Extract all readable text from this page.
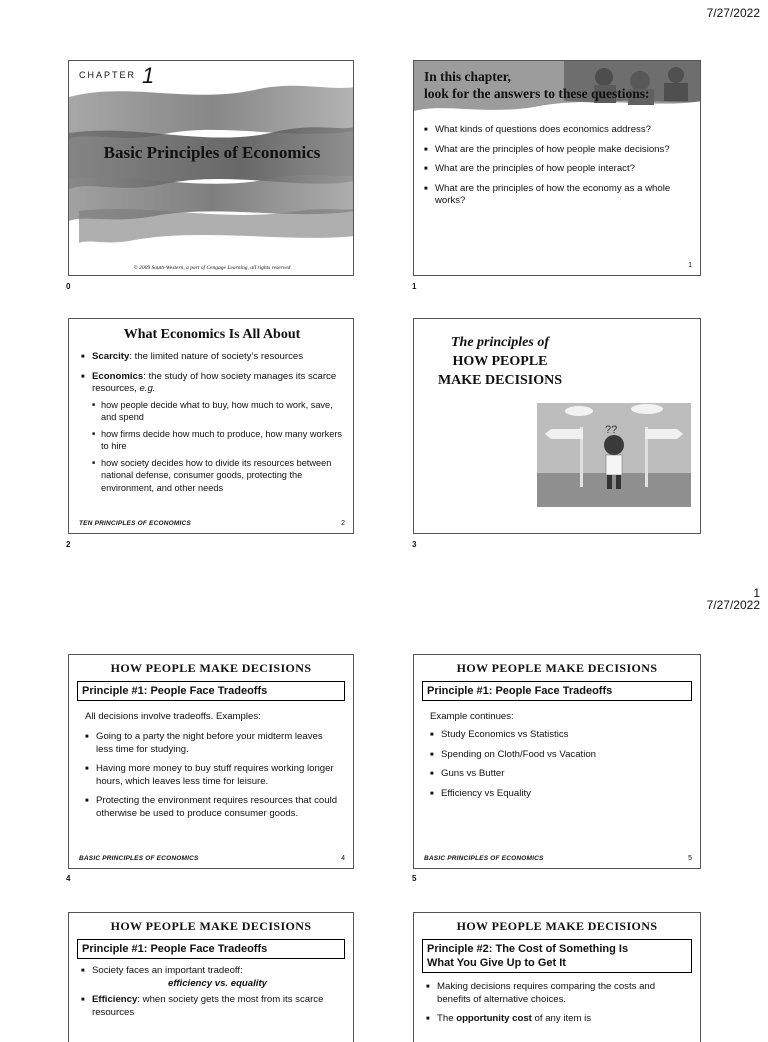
7/27/2022
CHAPTER 1
Basic Principles of Economics
© 2009 South-Western, a part of Cengage Learning, all rights reserved
0
In this chapter,
look for the answers to these questions:
■ What kinds of questions does economics address?
■ What are the principles of how people make decisions?
■ What are the principles of how people interact?
■ What are the principles of how the economy as a whole works?
1
1
What Economics Is All About
■ Scarcity: the limited nature of society’s resources
■ Economics: the study of how society manages its scarce resources, e.g.
■ how people decide what to buy, how much to work, save, and spend
■ how firms decide how much to produce, how many workers to hire
■ how society decides how to divide its resources between national defense, consumer goods, protecting the environment, and other needs
TEN PRINCIPLES OF ECONOMICS	2
2
The principles of
HOW PEOPLE
MAKE DECISIONS
??
3
1
7/27/2022
HOW PEOPLE MAKE DECISIONS
Principle #1: People Face Tradeoffs
All decisions involve tradeoffs. Examples:
■ Going to a party the night before your midterm leaves less time for studying.
■ Having more money to buy stuff requires working longer hours, which leaves less time for leisure.
■ Protecting the environment requires resources that could otherwise be used to produce consumer goods.
BASIC PRINCIPLES OF ECONOMICS	4
4
HOW PEOPLE MAKE DECISIONS
Principle #1: People Face Tradeoffs
Example continues:
■ Study Economics vs Statistics
■ Spending on Cloth/Food vs Vacation
■ Guns vs Butter
■ Efficiency vs Equality
BASIC PRINCIPLES OF ECONOMICS	5
5
HOW PEOPLE MAKE DECISIONS
Principle #1: People Face Tradeoffs
■ Society faces an important tradeoff:
efficiency vs. equality
■ Efficiency: when society gets the most from its scarce resources
HOW PEOPLE MAKE DECISIONS
Principle #2: The Cost of Something Is
What You Give Up to Get It
■ Making decisions requires comparing the costs and benefits of alternative choices.
■ The opportunity cost of any item is
